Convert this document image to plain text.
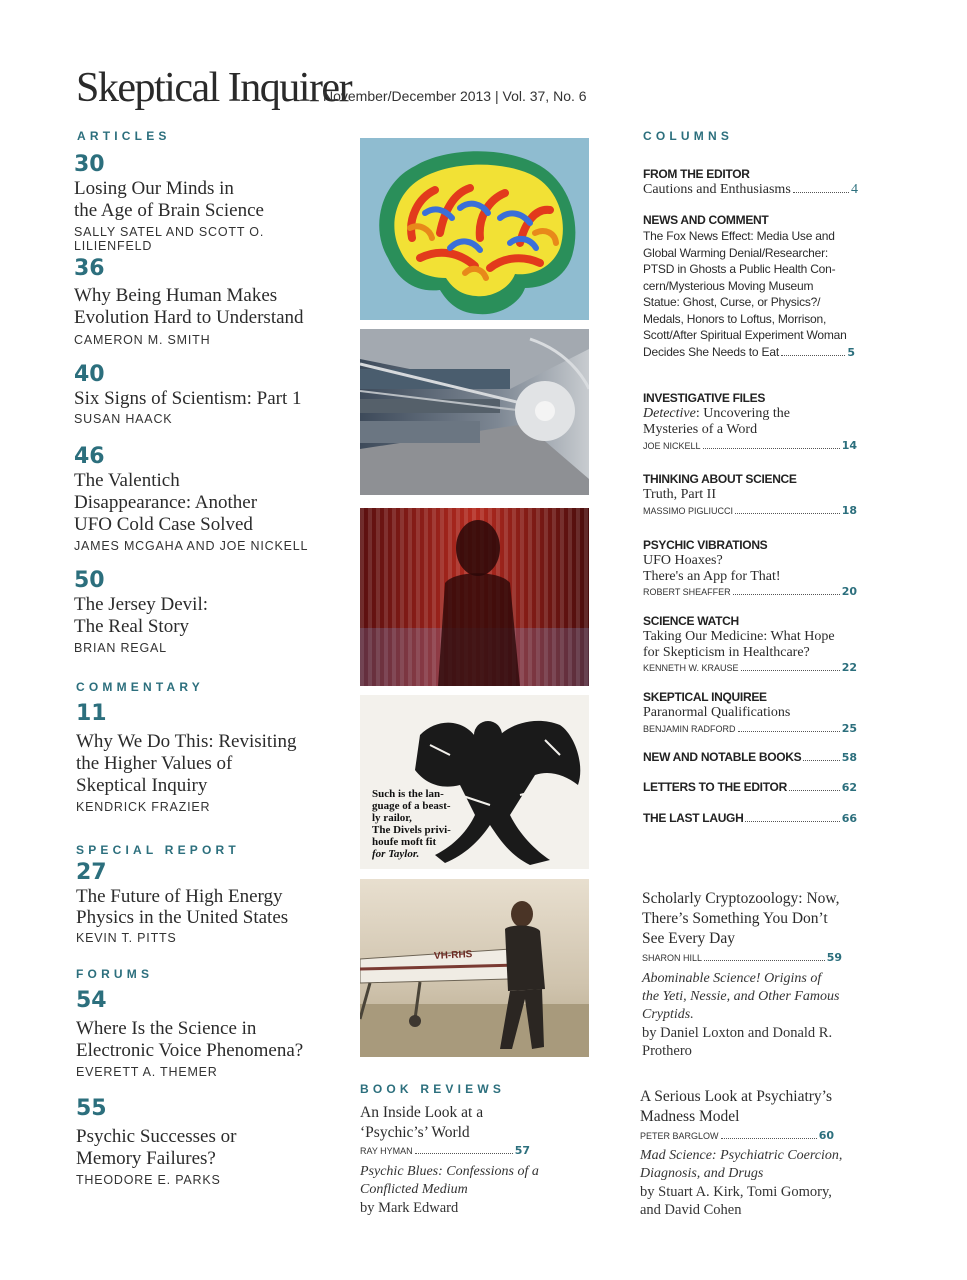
Skeptical Inquirer
November/December 2013 | Vol. 37, No. 6
ARTICLES
30
Losing Our Minds in
the Age of Brain Science
SALLY SATEL AND SCOTT O. LILIENFELD
36
Why Being Human Makes
Evolution Hard to Understand
CAMERON M. SMITH
40
Six Signs of Scientism: Part 1
SUSAN HAACK
46
The Valentich
Disappearance: Another
UFO Cold Case Solved
JAMES MCGAHA AND JOE NICKELL
50
The Jersey Devil:
The Real Story
BRIAN REGAL
COMMENTARY
11
Why We Do This: Revisiting
the Higher Values of
Skeptical Inquiry
KENDRICK FRAZIER
SPECIAL REPORT
27
The Future of High Energy
Physics in the United States
KEVIN T. PITTS
FORUMS
54
Where Is the Science in
Electronic Voice Phenomena?
EVERETT A. THEMER
55
Psychic Successes or
Memory Failures?
THEODORE E. PARKS
Such is the lan-
guage of a beast-
ly railor,
The Divels privi-
houfe moft fit
for Taylor.
VH-RHS
BOOK REVIEWS
An Inside Look at a
‘Psychic’s’ World
RAY HYMAN	57
Psychic Blues: Confessions of a
Conflicted Medium
by Mark Edward
COLUMNS
FROM THE EDITOR
Cautions and Enthusiasms	4
NEWS AND COMMENT
The Fox News Effect: Media Use and
Global Warming Denial/Researcher:
PTSD in Ghosts a Public Health Con-
cern/Mysterious Moving Museum
Statue: Ghost, Curse, or Physics?/
Medals, Honors to Loftus, Morrison,
Scott/After Spiritual Experiment Woman
Decides She Needs to Eat	5
INVESTIGATIVE FILES
Detective: Uncovering the
Mysteries of a Word
JOE NICKELL	14
THINKING ABOUT SCIENCE
Truth, Part II
MASSIMO PIGLIUCCI	18
PSYCHIC VIBRATIONS
UFO Hoaxes?
There's an App for That!
ROBERT SHEAFFER	20
SCIENCE WATCH
Taking Our Medicine: What Hope
for Skepticism in Healthcare?
KENNETH W. KRAUSE	22
SKEPTICAL INQUIREE
Paranormal Qualifications
BENJAMIN RADFORD	25
NEW AND NOTABLE BOOKS	58
LETTERS TO THE EDITOR	62
THE LAST LAUGH	66
Scholarly Cryptozoology: Now,
There’s Something You Don’t
See Every Day
SHARON HILL	59
Abominable Science! Origins of
the Yeti, Nessie, and Other Famous
Cryptids.
by Daniel Loxton and Donald R.
Prothero
A Serious Look at Psychiatry’s
Madness Model
PETER BARGLOW	60
Mad Science: Psychiatric Coercion,
Diagnosis, and Drugs
by Stuart A. Kirk, Tomi Gomory,
and David Cohen
